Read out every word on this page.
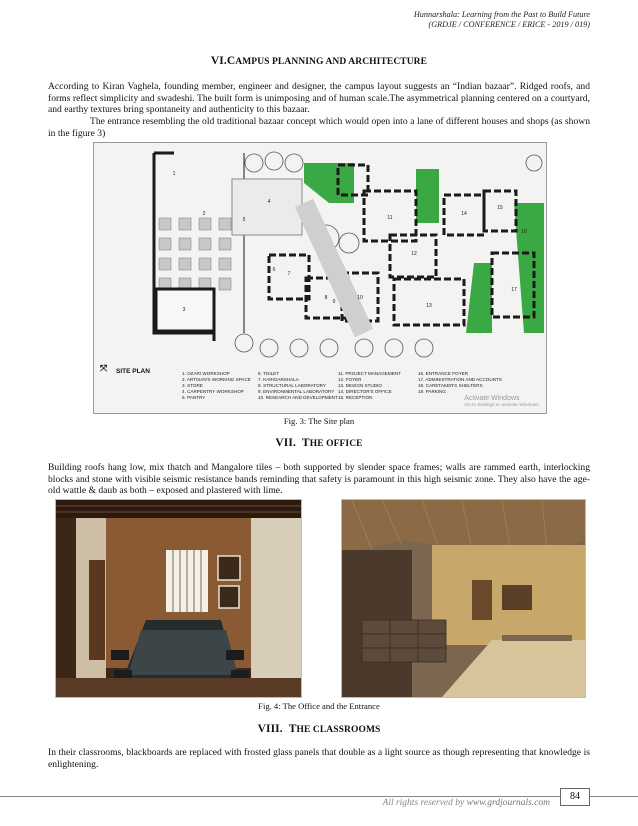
Hunnarshala: Learning from the Past to Build Future
(GRDJE / CONFERENCE / ERICE - 2019 / 019)
VI.CAMPUS PLANNING AND ARCHITECTURE
According to Kiran Vaghela, founding member, engineer and designer, the campus layout suggests an “Indian bazaar”. Ridged roofs, and forms reflect simplicity and swadeshi. The built form is unimposing and of human scale.The asymmetrical planning centered on a courtyard, and earthy textures bring spontaneity and authenticity to this bazaar.
The entrance resembling the old traditional bazaar concept which would open into a lane of different houses and shops (as shown in the figure 3)
1
2
3
4
5
6
7
8
9
10
11
12
13
14
15
16
17
⤧ SITE PLAN	1. OZARI WORKSHOP	6. TOILET	11. PROJECT MANAGEMENT	16. ENTRANCE FOYER
2. ARTISAN'S WORKING SPACE	7. KARIGARSHALA	12. FOYER	17. ADMINISTRATION AND ACCOUNTS
3. STORE	8. STRUCTURAL LABORATORY	13. DESIGN STUDIO	18. CARETAKER'S SHELTERS
4. CARPENTRY WORKSHOP	9. ENVIRONMENTAL LABORATORY 14. DIRECTOR'S OFFICE	19. PARKING
5. PANTRY	10. RESEARCH AND DEVELOPMENT 15. RECEPTION	Activate Windows
Go to Settings to activate Windows.
Fig. 3: The Site plan
VII. THE OFFICE
Building roofs hang low, mix thatch and Mangalore tiles – both supported by slender space frames; walls are rammed earth, interlocking blocks and stone with visible seismic resistance bands reminding that safety is paramount in this high seismic zone. They also have the age-old wattle & daub as both – exposed and plastered with lime.
Fig. 4: The Office and the Entrance
VIII. THE CLASSROOMS
In their classrooms, blackboards are replaced with frosted glass panels that double as a light source as though representing that knowledge is enlightening.
All rights reserved by www.grdjournals.com
84
